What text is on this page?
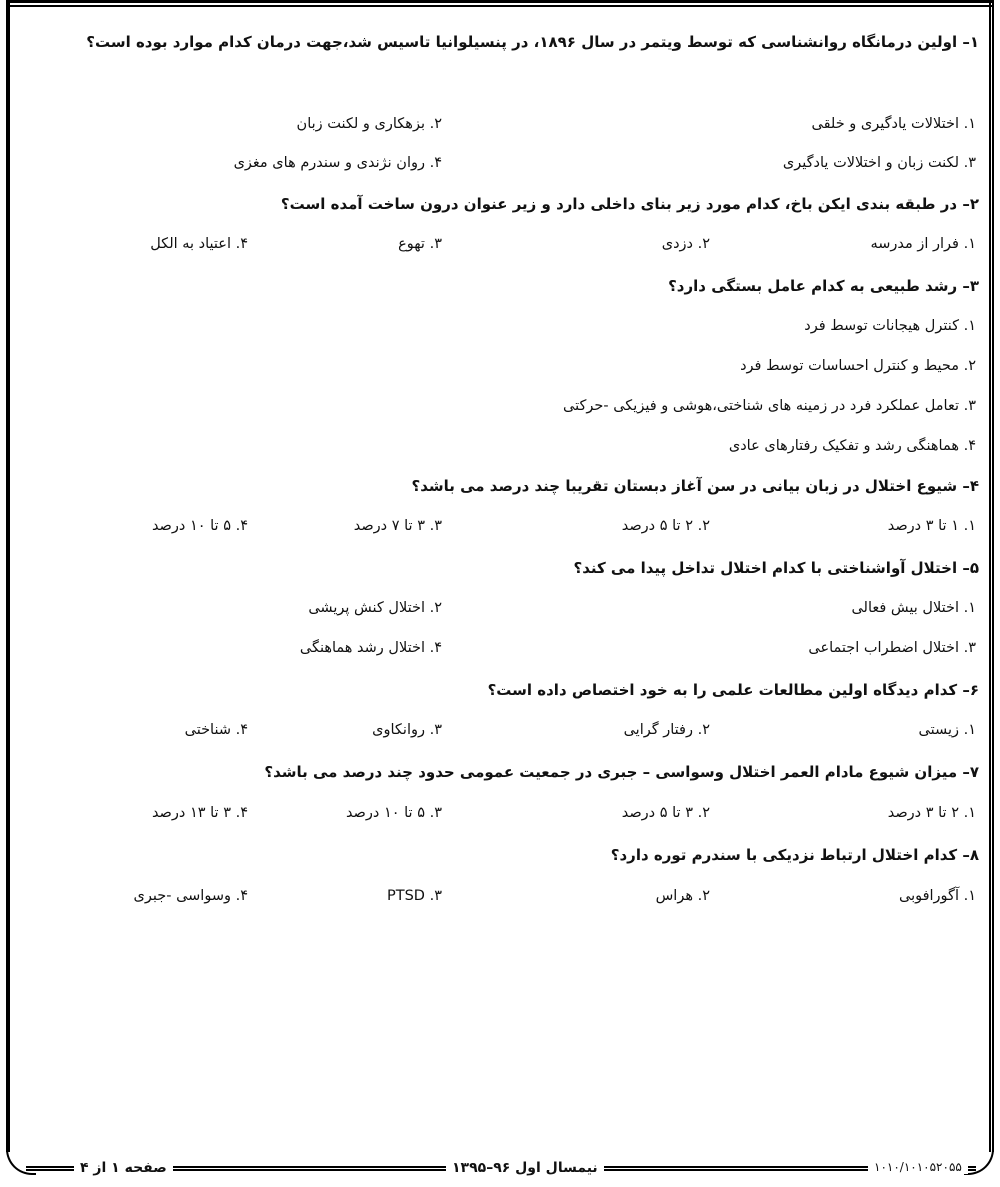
۱– اولین درمانگاه روانشناسی که توسط ویتمر در سال ۱۸۹۶، در پنسیلوانیا تاسیس شد،جهت درمان کدام موارد بوده است؟
۱. اختلالات یادگیری و خلقی
۲. بزهکاری و لکنت زبان
۳. لکنت زبان و اختلالات یادگیری
۴. روان نژندی و سندرم های مغزی
۲– در طبقه بندی ایکن باخ، کدام مورد زیر بنای داخلی دارد و زیر عنوان درون ساخت آمده است؟
۱. فرار از مدرسه
۲. دزدی
۳. تهوع
۴. اعتیاد به الکل
۳– رشد طبیعی به کدام عامل بستگی دارد؟
۱. کنترل هیجانات توسط فرد
۲. محیط و کنترل احساسات توسط فرد
۳. تعامل عملکرد فرد در زمینه های شناختی،هوشی و فیزیکی -حرکتی
۴. هماهنگی رشد و تفکیک رفتارهای عادی
۴– شیوع اختلال در زبان بیانی در سن آغاز دبستان تقریبا چند درصد می باشد؟
۱. ۱ تا ۳ درصد
۲. ۲ تا ۵ درصد
۳. ۳ تا ۷ درصد
۴. ۵ تا ۱۰ درصد
۵– اختلال آواشناختی با کدام اختلال تداخل پیدا می کند؟
۱. اختلال بیش فعالی
۲. اختلال کنش پریشی
۳. اختلال اضطراب اجتماعی
۴. اختلال رشد هماهنگی
۶– کدام دیدگاه اولین مطالعات علمی را به خود اختصاص داده است؟
۱. زیستی
۲. رفتار گرایی
۳. روانکاوی
۴. شناختی
۷– میزان شیوع مادام العمر اختلال وسواسی – جبری در جمعیت عمومی حدود چند درصد می باشد؟
۱. ۲ تا ۳ درصد
۲. ۳ تا ۵ درصد
۳. ۵ تا ۱۰ درصد
۴. ۳ تا ۱۳ درصد
۸– کدام اختلال ارتباط نزدیکی با سندرم توره دارد؟
۱. آگورافوبی
۲. هراس
۳. PTSD
۴. وسواسی -جبری
صفحه ۱ از ۴	نیمسال اول ۹۶–۱۳۹۵	۱۰۱۰/۱۰۱۰۵۲۰۵۵
